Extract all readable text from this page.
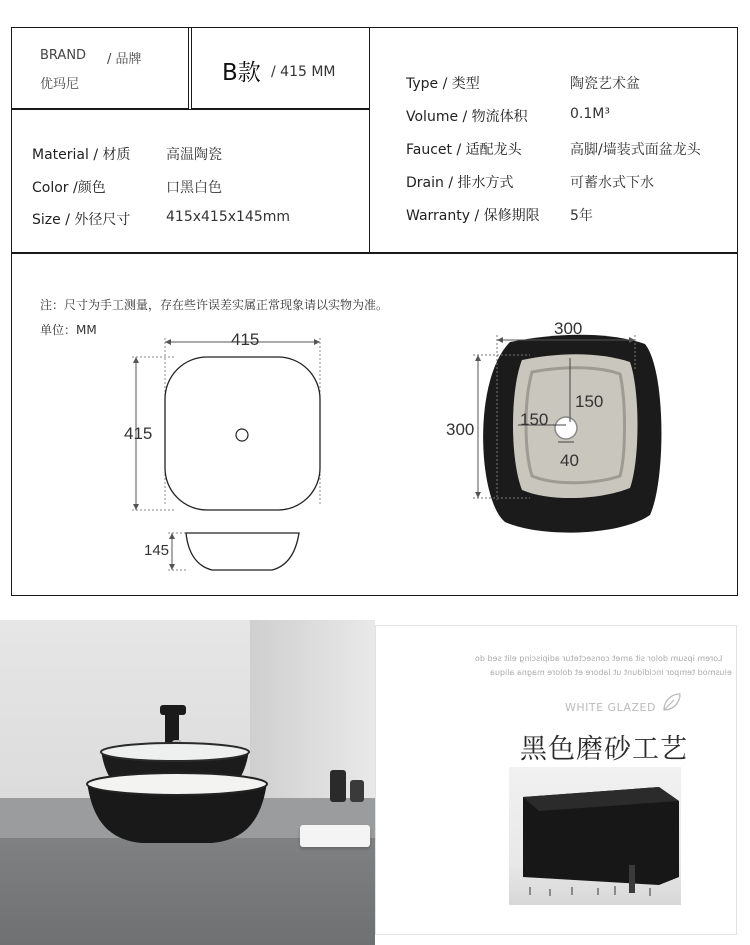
BRAND / 品牌
优玛尼	B款 / 415 MM
Material / 材质	高温陶瓷
Color /颜色	口黑白色
Size / 外径尺寸	415x415x145mm
Type / 类型	陶瓷艺术盆
Volume / 物流体积	0.1M³
Faucet / 适配龙头	高脚/墙装式面盆龙头
Drain / 排水方式	可蓄水式下水
Warranty / 保修期限 5年
注：尺寸为手工测量，存在些许误差实属正常现象请以实物为准。
单位：MM	415
415
145
300
300
150
150
40
Lorem ipsum dolor sit amet consectetur adipiscing elit sed do
eiusmod tempor incididunt ut labore et dolore magna aliqua
WHITE GLAZED
黑色磨砂工艺
